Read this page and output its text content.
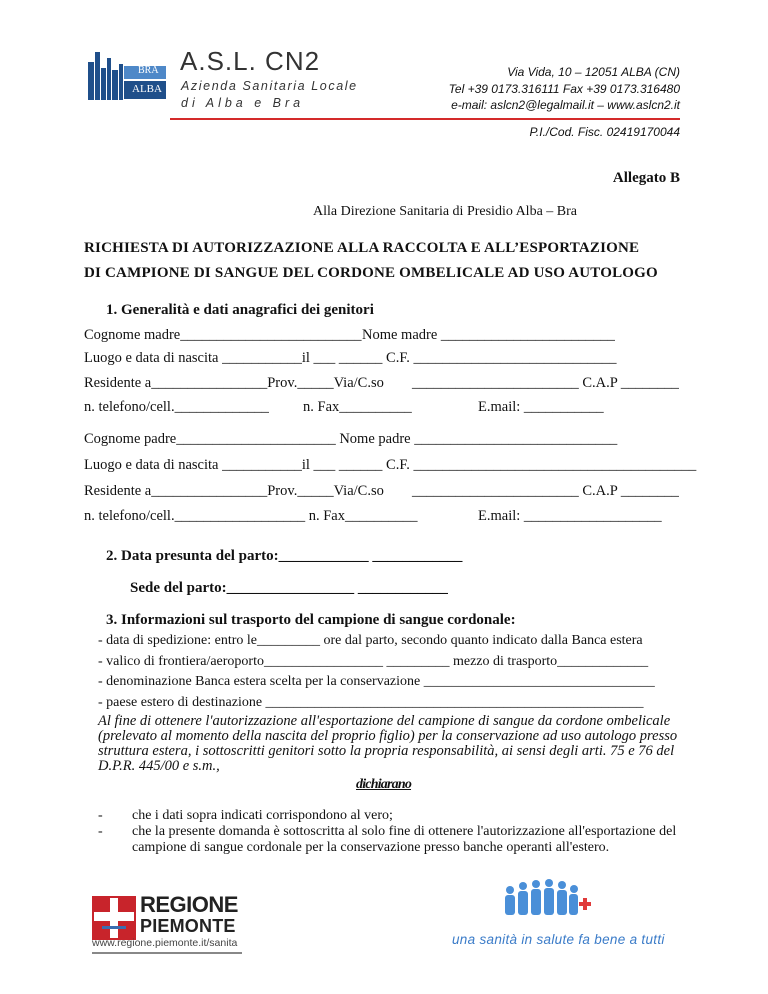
BRA
ALBA
A.S.L. CN2
Azienda Sanitaria Locale
di Alba e Bra
Via Vida, 10 – 12051 ALBA (CN)
Tel +39 0173.316111 Fax +39 0173.316480
e-mail: aslcn2@legalmail.it – www.aslcn2.it
P.I./Cod. Fisc. 02419170044
Allegato B
Alla Direzione Sanitaria di Presidio Alba – Bra
RICHIESTA DI AUTORIZZAZIONE ALLA RACCOLTA E ALL’ESPORTAZIONE
DI CAMPIONE DI SANGUE DEL CORDONE OMBELICALE AD USO AUTOLOGO
1. Generalità e dati anagrafici dei genitori
Cognome madre_________________________ Nome madre ________________________
Luogo e data di nascita ___________il ___ ______ C.F. ____________________________
Residente a________________Prov._____Via/C.so _______________________ C.A.P ________
n. telefono/cell._____________ n. Fax__________	E.mail: ___________
Cognome padre______________________ Nome padre ____________________________
Luogo e data di nascita ___________il ___ ______ C.F. _______________________________________
Residente a________________Prov._____Via/C.so _______________________ C.A.P ________
n. telefono/cell.__________________ n. Fax__________	E.mail: ___________________
2. Data presunta del parto:____________ ____________
Sede del parto:_________________ ____________
3. Informazioni sul trasporto del campione di sangue cordonale:
- data di spedizione: entro le_________ ore dal parto, secondo quanto indicato dalla Banca estera
- valico di frontiera/aeroporto_________________ _________ mezzo di trasporto_____________
- denominazione Banca estera scelta per la conservazione _________________________________
- paese estero di destinazione ______________________________________________________
Al fine di ottenere l'autorizzazione all'esportazione del campione di sangue da cordone ombelicale (prelevato al momento della nascita del proprio figlio) per la conservazione ad uso autologo presso struttura estera, i sottoscritti genitori sotto la propria responsabilità, ai sensi degli arti. 75 e 76 del D.P.R. 445/00 e s.m.,
dichiarano
-	che i dati sopra indicati corrispondono al vero;
-	che la presente domanda è sottoscritta al solo fine di ottenere l'autorizzazione all'esportazione del
campione di sangue cordonale per la conservazione presso banche operanti all'estero.
REGIONE
PIEMONTE
www.regione.piemonte.it/sanita	una sanità in salute fa bene a tutti
